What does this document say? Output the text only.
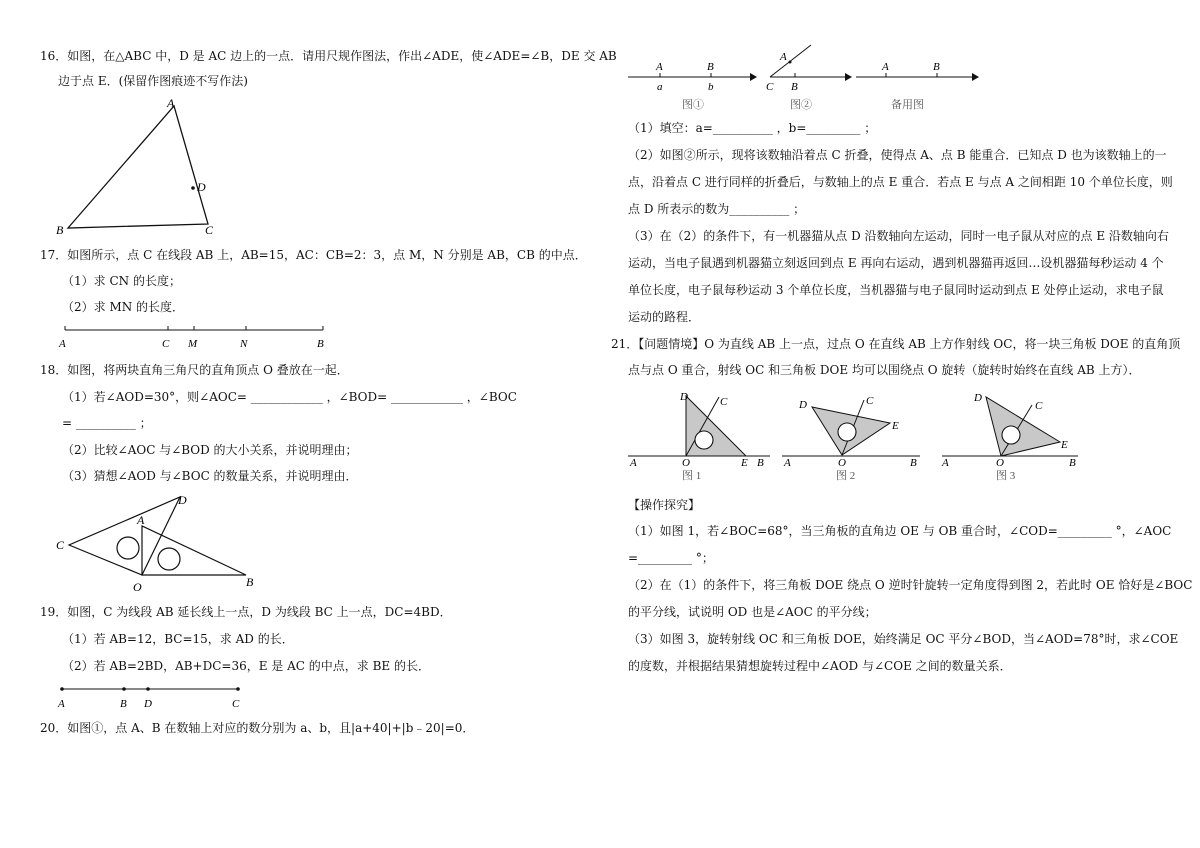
16．如图，在△ABC 中，D 是 AC 边上的一点．请用尺规作图法，作出∠ADE，使∠ADE=∠B，DE 交 AB
边于点 E．(保留作图痕迹不写作法)
A
B	C
D
17．如图所示，点 C 在线段 AB 上，AB=15，AC：CB=2：3，点 M，N 分别是 AB，CB 的中点．
（1）求 CN 的长度；
（2）求 MN 的长度．
A	C M	N	B
18．如图，将两块直角三角尺的直角顶点 O 叠放在一起．
（1）若∠AOD=30°，则∠AOC= ____________ ，∠BOD= ____________ ，∠BOC
= __________ ；
（2）比较∠AOC 与∠BOD 的大小关系，并说明理由；
（3）猜想∠AOD 与∠BOC 的数量关系，并说明理由．
C
A
D
B
O
19．如图，C 为线段 AB 延长线上一点，D 为线段 BC 上一点，DC=4BD．
（1）若 AB=12，BC=15，求 AD 的长．
（2）若 AB=2BD，AB+DC=36，E 是 AC 的中点，求 BE 的长．
A	B D	C
20．如图①，点 A、B 在数轴上对应的数分别为 a、b，且|a+40|+|b﹣20|=0．
A	B
a	b
图①
A
C B
图②
A	B
备用图
（1）填空：a=__________ ，b=_________ ；
（2）如图②所示，现将该数轴沿着点 C 折叠，使得点 A、点 B 能重合．已知点 D 也为该数轴上的一
点，沿着点 C 进行同样的折叠后，与数轴上的点 E 重合．若点 E 与点 A 之间相距 10 个单位长度，则
点 D 所表示的数为__________ ；
（3）在（2）的条件下，有一机器猫从点 D 沿数轴向左运动，同时一电子鼠从对应的点 E 沿数轴向右
运动，当电子鼠遇到机器猫立刻返回到点 E 再向右运动，遇到机器猫再返回…设机器猫每秒运动 4 个
单位长度，电子鼠每秒运动 3 个单位长度，当机器猫与电子鼠同时运动到点 E 处停止运动，求电子鼠
运动的路程．
21．【问题情境】O 为直线 AB 上一点，过点 O 在直线 AB 上方作射线 OC，将一块三角板 DOE 的直角顶
点与点 O 重合，射线 OC 和三角板 DOE 均可以围绕点 O 旋转（旋转时始终在直线 AB 上方）．
A
D	C
O	E B
图 1
A
D	C
E
O	B
图 2
A
D
C
E
O	B
图 3
【操作探究】
（1）如图 1，若∠BOC=68°，当三角板的直角边 OE 与 OB 重合时，∠COD=_________ °，∠AOC
=_________ °；
（2）在（1）的条件下，将三角板 DOE 绕点 O 逆时针旋转一定角度得到图 2，若此时 OE 恰好是∠BOC
的平分线，试说明 OD 也是∠AOC 的平分线；
（3）如图 3，旋转射线 OC 和三角板 DOE，始终满足 OC 平分∠BOD，当∠AOD=78°时，求∠COE
的度数，并根据结果猜想旋转过程中∠AOD 与∠COE 之间的数量关系．
